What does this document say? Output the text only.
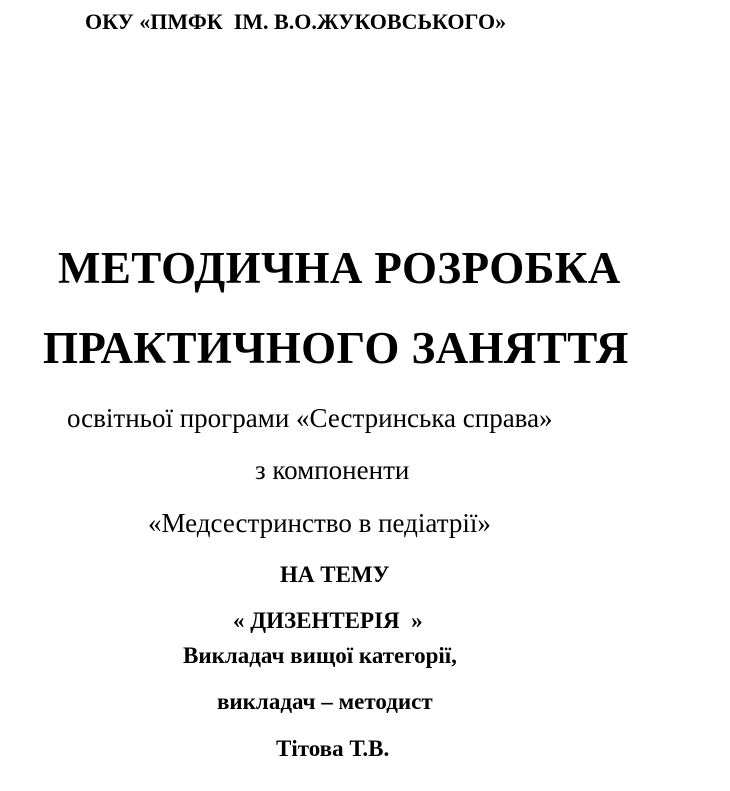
ОКУ «ПМФК  ІМ. В.О.ЖУКОВСЬКОГО»
МЕТОДИЧНА РОЗРОБКА
ПРАКТИЧНОГО ЗАНЯТТЯ
освітньої програми «Сестринська справа»
з компоненти
«Медсестринство в педіатрії»
НА ТЕМУ
« ДИЗЕНТЕРІЯ  »
Викладач вищої категорії,
викладач – методист
Тітова Т.В.
